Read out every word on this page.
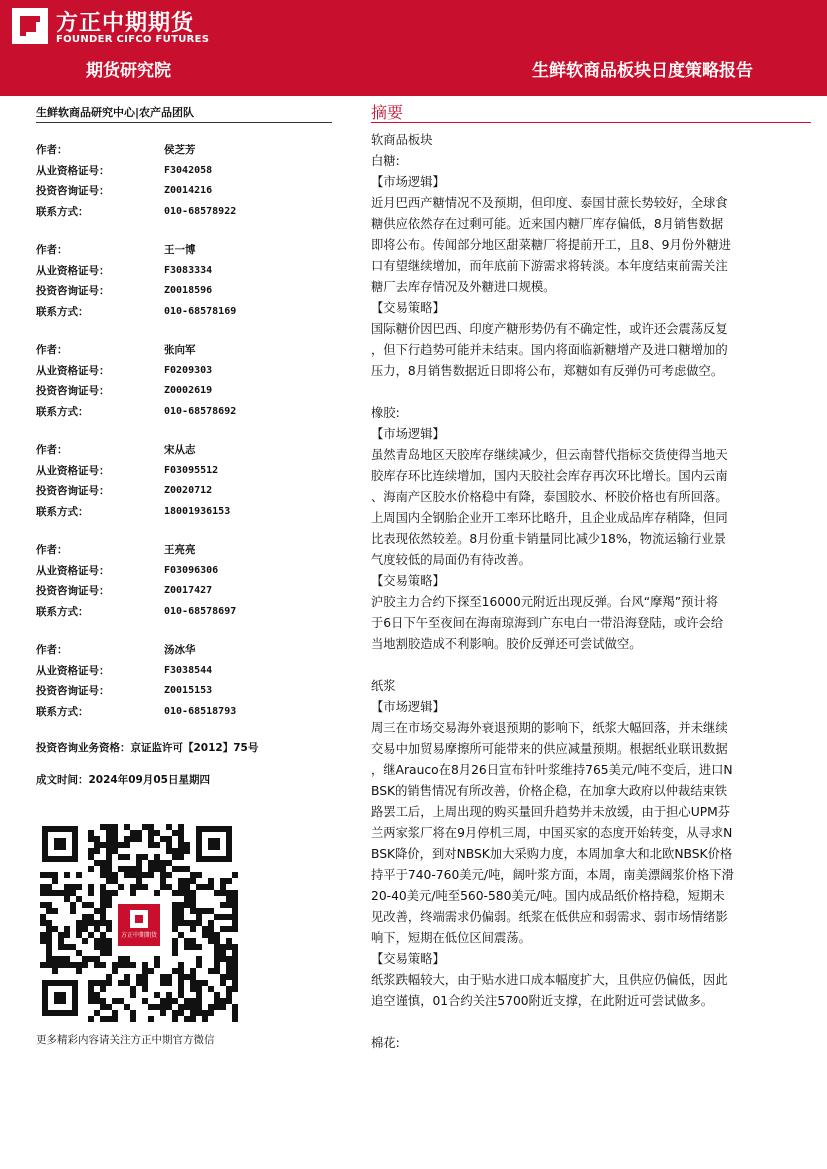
方正中期期货
FOUNDER CIFCO FUTURES
期货研究院	生鲜软商品板块日度策略报告
生鲜软商品研究中心|农产品团队
作者：	侯芝芳
从业资格证号：	F3042058
投资咨询证号：	Z0014216
联系方式：	010-68578922
作者：	王一博
从业资格证号：	F3083334
投资咨询证号：	Z0018596
联系方式：	010-68578169
作者：	张向军
从业资格证号：	F0209303
投资咨询证号：	Z0002619
联系方式：	010-68578692
作者：	宋从志
从业资格证号：	F03095512
投资咨询证号：	Z0020712
联系方式：	18001936153
作者：	王亮亮
从业资格证号：	F03096306
投资咨询证号：	Z0017427
联系方式：	010-68578697
作者：	汤冰华
从业资格证号：	F3038544
投资咨询证号：	Z0015153
联系方式：	010-68518793
投资咨询业务资格：京证监许可【2012】75号
成文时间：2024年09月05日星期四
方正中期期货
更多精彩内容请关注方正中期官方微信
摘要
软商品板块
白糖:
【市场逻辑】
近月巴西产糖情况不及预期，但印度、泰国甘蔗长势较好，全球食
糖供应依然存在过剩可能。近来国内糖厂库存偏低，8月销售数据
即将公布。传闻部分地区甜菜糖厂将提前开工，且8、9月份外糖进
口有望继续增加，而年底前下游需求将转淡。本年度结束前需关注
糖厂去库存情况及外糖进口规模。
【交易策略】
国际糖价因巴西、印度产糖形势仍有不确定性，或许还会震荡反复
，但下行趋势可能并未结束。国内将面临新糖增产及进口糖增加的
压力，8月销售数据近日即将公布，郑糖如有反弹仍可考虑做空。
橡胶:
【市场逻辑】
虽然青岛地区天胶库存继续减少，但云南替代指标交货使得当地天
胶库存环比连续增加，国内天胶社会库存再次环比增长。国内云南
、海南产区胶水价格稳中有降，泰国胶水、杯胶价格也有所回落。
上周国内全钢胎企业开工率环比略升，且企业成品库存稍降，但同
比表现依然较差。8月份重卡销量同比减少18%，物流运输行业景
气度较低的局面仍有待改善。
【交易策略】
沪胶主力合约下探至16000元附近出现反弹。台风“摩羯”预计将
于6日下午至夜间在海南琼海到广东电白一带沿海登陆，或许会给
当地割胶造成不利影响。胶价反弹还可尝试做空。
纸浆
【市场逻辑】
周三在市场交易海外衰退预期的影响下，纸浆大幅回落，并未继续
交易中加贸易摩擦所可能带来的供应减量预期。根据纸业联讯数据
，继Arauco在8月26日宣布针叶浆维持765美元/吨不变后，进口N
BSK的销售情况有所改善，价格企稳，在加拿大政府以仲裁结束铁
路罢工后，上周出现的购买量回升趋势并未放缓，由于担心UPM芬
兰两家浆厂将在9月停机三周，中国买家的态度开始转变，从寻求N
BSK降价，到对NBSK加大采购力度，本周加拿大和北欧NBSK价格
持平于740-760美元/吨，阔叶浆方面，本周，南美漂阔浆价格下滑
20-40美元/吨至560-580美元/吨。国内成品纸价格持稳，短期未
见改善，终端需求仍偏弱。纸浆在低供应和弱需求、弱市场情绪影
响下，短期在低位区间震荡。
【交易策略】
纸浆跌幅较大，由于贴水进口成本幅度扩大，且供应仍偏低，因此
追空谨慎，01合约关注5700附近支撑，在此附近可尝试做多。
棉花:
